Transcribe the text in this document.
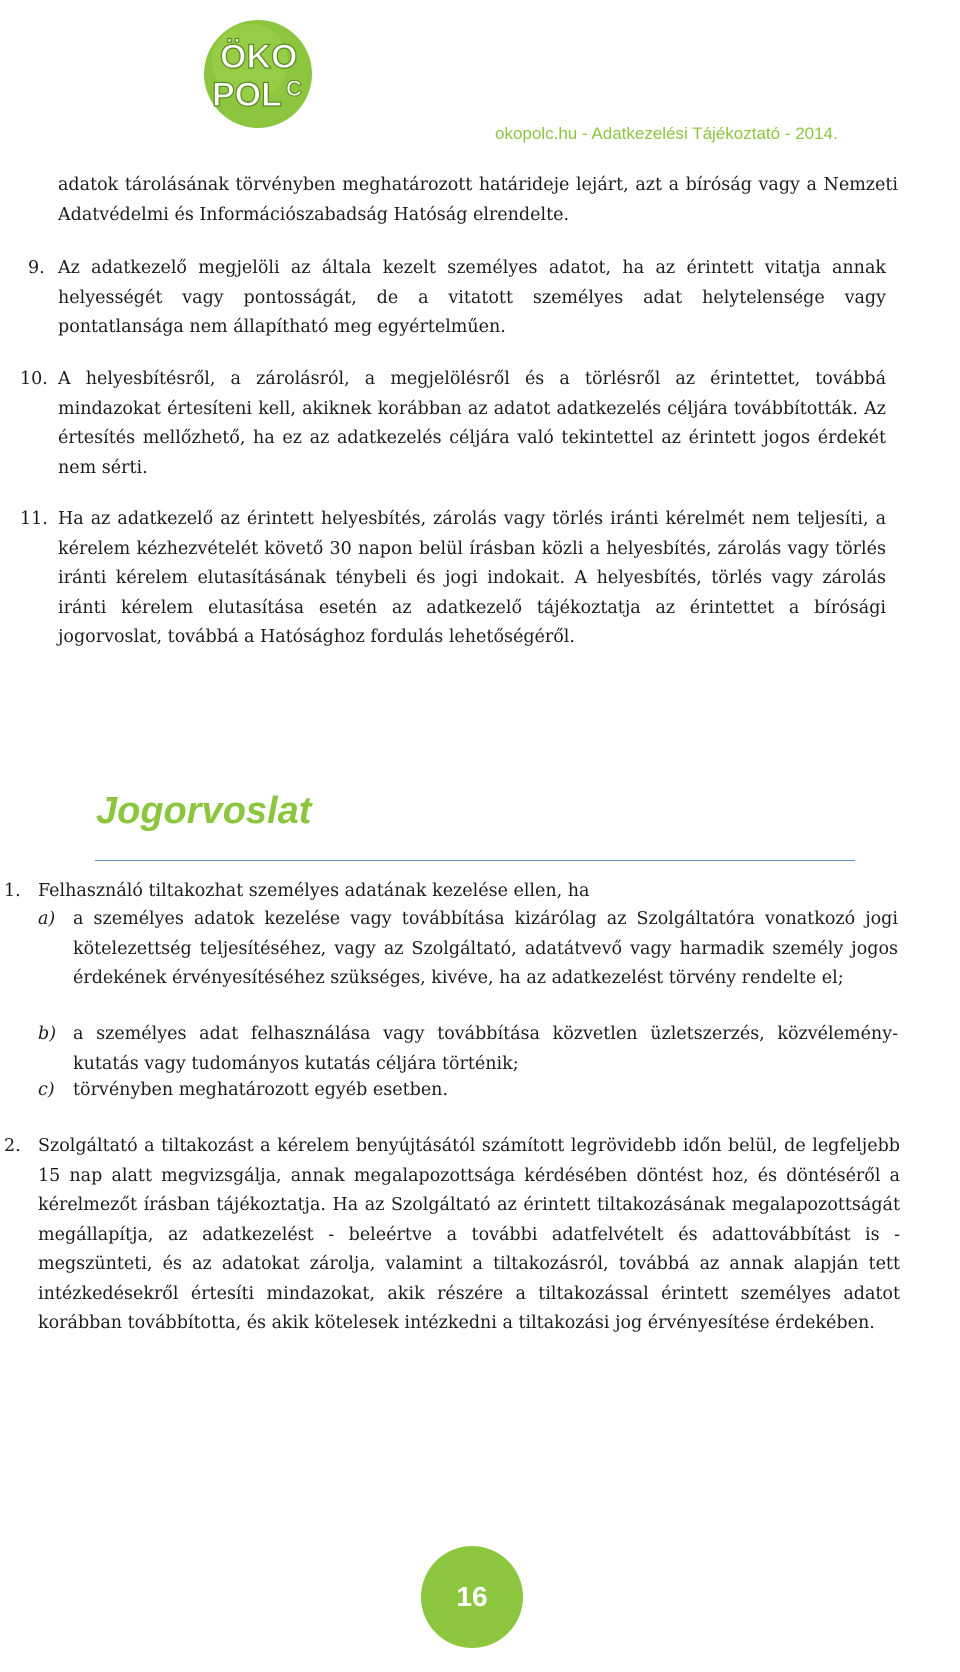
ÖKO
POL C
okopolc.hu - Adatkezelési Tájékoztató - 2014.
adatok tárolásának törvényben meghatározott határideje lejárt, azt a bíróság vagy a Nemzeti Adatvédelmi és Információszabadság Hatóság elrendelte.
9. Az adatkezelő megjelöli az általa kezelt személyes adatot, ha az érintett vitatja annak helyességét vagy pontosságát, de a vitatott személyes adat helytelensége vagy pontatlansága nem állapítható meg egyértelműen.
10. A helyesbítésről, a zárolásról, a megjelölésről és a törlésről az érintettet, továbbá mindazokat értesíteni kell, akiknek korábban az adatot adatkezelés céljára továbbították. Az értesítés mellőzhető, ha ez az adatkezelés céljára való tekintettel az érintett jogos érdekét nem sérti.
11. Ha az adatkezelő az érintett helyesbítés, zárolás vagy törlés iránti kérelmét nem teljesíti, a kérelem kézhezvételét követő 30 napon belül írásban közli a helyesbítés, zárolás vagy törlés iránti kérelem elutasításának ténybeli és jogi indokait. A helyesbítés, törlés vagy zárolás iránti kérelem elutasítása esetén az adatkezelő tájékoztatja az érintettet a bírósági jogorvoslat, továbbá a Hatósághoz fordulás lehetőségéről.
Jogorvoslat
1. Felhasználó tiltakozhat személyes adatának kezelése ellen, ha
a) a személyes adatok kezelése vagy továbbítása kizárólag az Szolgáltatóra vonatkozó jogi kötelezettség teljesítéséhez, vagy az Szolgáltató, adatátvevő vagy harmadik személy jogos érdekének érvényesítéséhez szükséges, kivéve, ha az adatkezelést törvény rendelte el;
b) a személyes adat felhasználása vagy továbbítása közvetlen üzletszerzés, közvélemény-kutatás vagy tudományos kutatás céljára történik;
c) törvényben meghatározott egyéb esetben.
2. Szolgáltató a tiltakozást a kérelem benyújtásától számított legrövidebb időn belül, de legfeljebb 15 nap alatt megvizsgálja, annak megalapozottsága kérdésében döntést hoz, és döntéséről a kérelmezőt írásban tájékoztatja. Ha az Szolgáltató az érintett tiltakozásának megalapozottságát megállapítja, az adatkezelést - beleértve a további adatfelvételt és adattovábbítást is - megszünteti, és az adatokat zárolja, valamint a tiltakozásról, továbbá az annak alapján tett intézkedésekről értesíti mindazokat, akik részére a tiltakozással érintett személyes adatot korábban továbbította, és akik kötelesek intézkedni a tiltakozási jog érvényesítése érdekében.
16
